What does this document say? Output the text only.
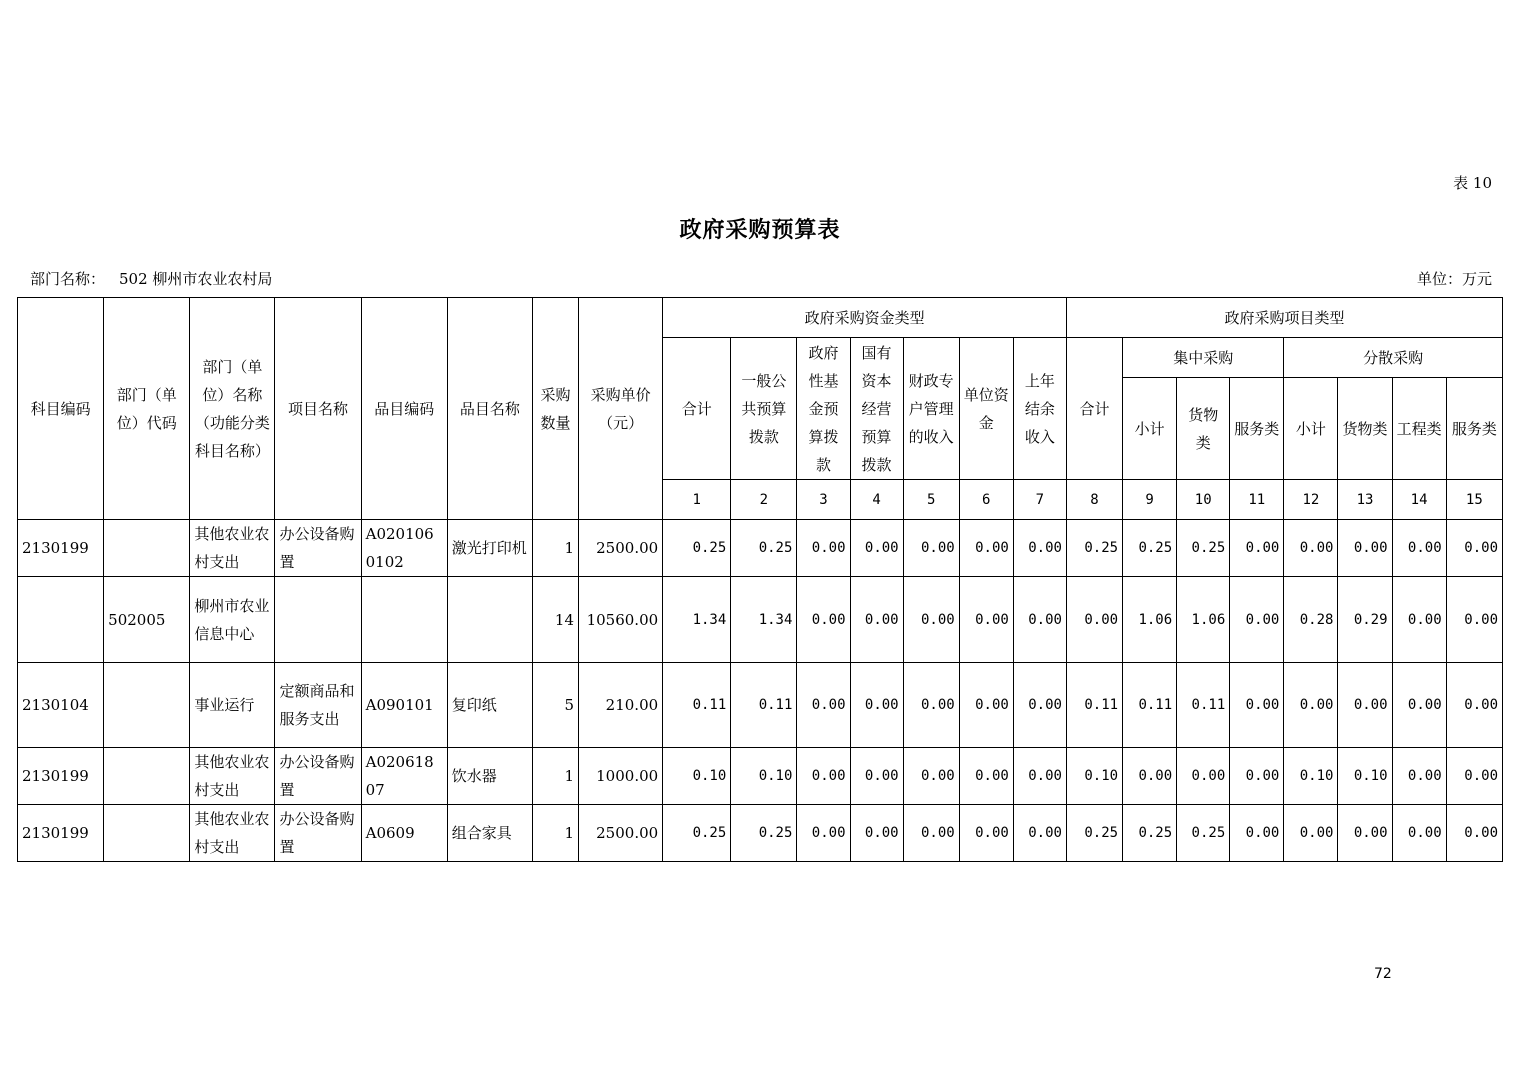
表 10
政府采购预算表
部门名称： 502 柳州市农业农村局	单位：万元
科目编码	部门（单位）代码	部门（单位）名称（功能分类科目名称）	项目名称	品目编码	品目名称	采购数量	采购单价（元）	政府采购资金类型							政府采购项目类型							
								合计	一般公共预算拨款	政府性基金预算拨款	国有资本经营预算拨款	财政专户管理的收入	单位资金	上年结余收入	合计	集中采购			分散采购			
																小计	货物类	服务类	小计	货物类	工程类	服务类
								1	2	3	4	5	6	7	8	9	10	11	12	13	14	15
2130199		其他农业农村支出	办公设备购置	A0201060102	激光打印机	1	2500.00	0.25	0.25	0.00	0.00	0.00	0.00	0.00	0.25	0.25	0.25	0.00	0.00	0.00	0.00	0.00
	502005	柳州市农业信息中心				14	10560.00	1.34	1.34	0.00	0.00	0.00	0.00	0.00	0.00	1.06	1.06	0.00	0.28	0.29	0.00	0.00
2130104		事业运行	定额商品和服务支出	A090101	复印纸	5	210.00	0.11	0.11	0.00	0.00	0.00	0.00	0.00	0.11	0.11	0.11	0.00	0.00	0.00	0.00	0.00
2130199		其他农业农村支出	办公设备购置	A02061807	饮水器	1	1000.00	0.10	0.10	0.00	0.00	0.00	0.00	0.00	0.10	0.00	0.00	0.00	0.10	0.10	0.00	0.00
2130199		其他农业农村支出	办公设备购置	A0609	组合家具	1	2500.00	0.25	0.25	0.00	0.00	0.00	0.00	0.00	0.25	0.25	0.25	0.00	0.00	0.00	0.00	0.00
72
